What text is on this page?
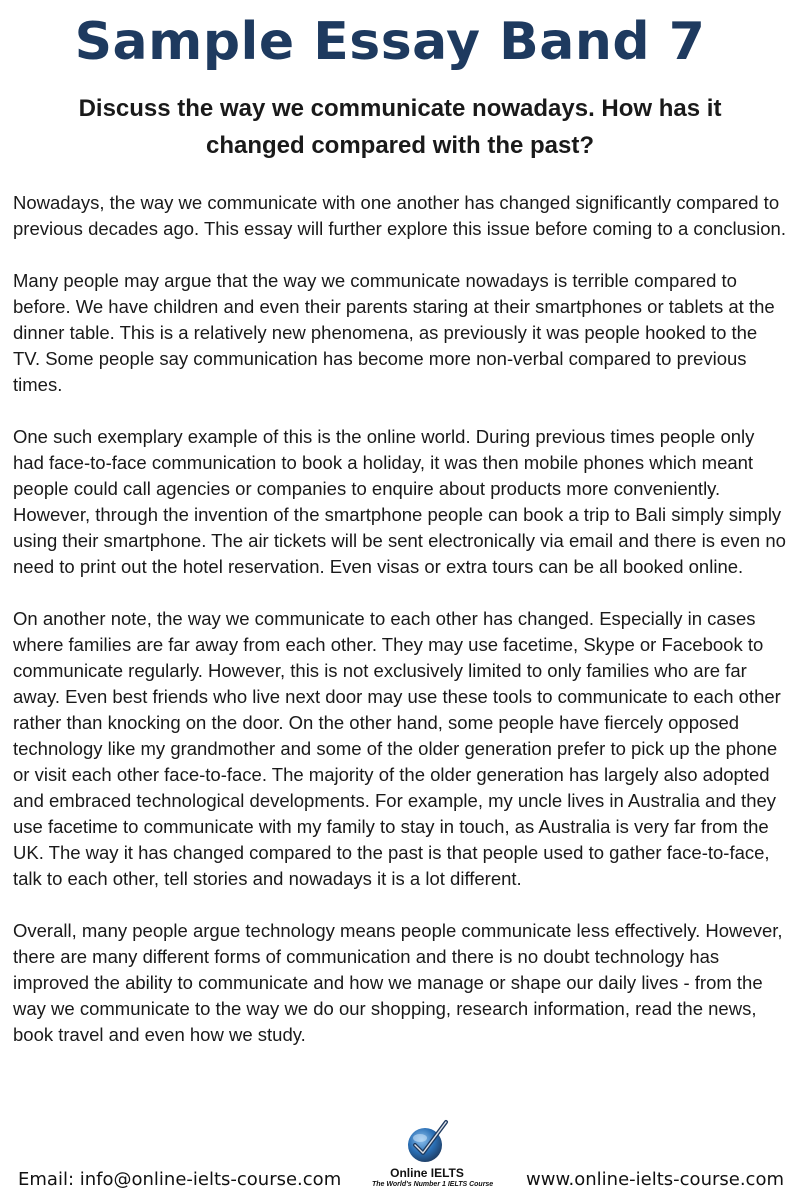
Sample Essay Band 7
Discuss the way we communicate nowadays. How has it changed compared with the past?

Nowadays, the way we communicate with one another has changed significantly compared to previous decades ago. This essay will further explore this issue before coming to a conclusion.

Many people may argue that the way we communicate nowadays is terrible compared to before. We have children and even their parents staring at their smartphones or tablets at the dinner table. This is a relatively new phenomena, as previously it was people hooked to the TV. Some people say communication has become more non-verbal compared to previous times.

One such exemplary example of this is the online world. During previous times people only had face-to-face communication to book a holiday, it was then mobile phones which meant people could call agencies or companies to enquire about products more conveniently. However, through the invention of the smartphone people can book a trip to Bali simply simply using their smartphone. The air tickets will be sent electronically via email and there is even no need to print out the hotel reservation. Even visas or extra tours can be all booked online.

On another note, the way we communicate to each other has changed. Especially in cases where families are far away from each other. They may use facetime, Skype or Facebook to communicate regularly. However, this is not exclusively limited to only families who are far away. Even best friends who live next door may use these tools to communicate to each other rather than knocking on the door. On the other hand, some people have fiercely opposed technology like my grandmother and some of the older generation prefer to pick up the phone or visit each other face-to-face. The majority of the older generation has largely also adopted and embraced technological developments. For example, my uncle lives in Australia and they use facetime to communicate with my family to stay in touch, as Australia is very far from the UK. The way it has changed compared to the past is that people used to gather face-to-face, talk to each other, tell stories and nowadays it is a lot different.

Overall, many people argue technology means people communicate less effectively. However, there are many different forms of communication and there is no doubt technology has improved the ability to communicate and how we manage or shape our daily lives - from the way we communicate to the way we do our shopping, research information, read the news, book travel and even how we study.

Email: info@online-ielts-course.com	Online IELTS
The World's Number 1 IELTS Course www.online-ielts-course.com
